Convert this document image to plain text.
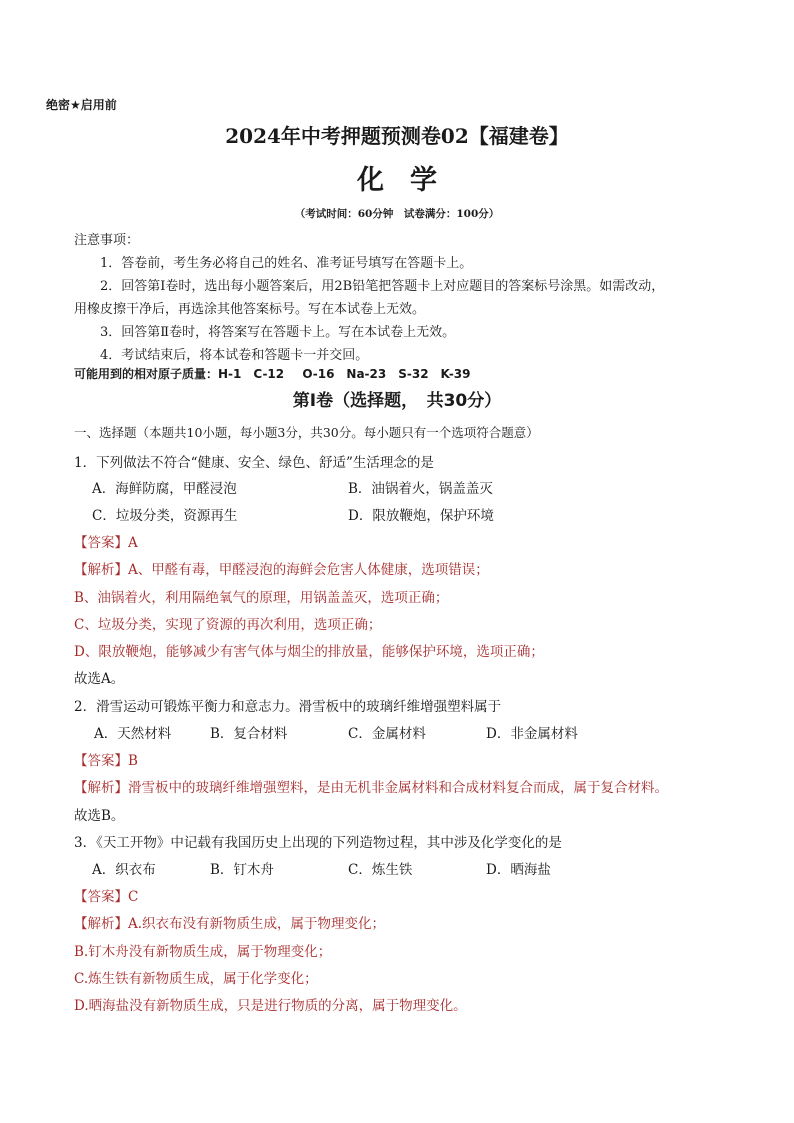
绝密★启用前
2024年中考押题预测卷02【福建卷】
化学
（考试时间：60分钟　试卷满分：100分）
注意事项：
1．答卷前，考生务必将自己的姓名、准考证号填写在答题卡上。
2．回答第Ⅰ卷时，选出每小题答案后，用2B铅笔把答题卡上对应题目的答案标号涂黑。如需改动，
用橡皮擦干净后，再选涂其他答案标号。写在本试卷上无效。
3．回答第Ⅱ卷时，将答案写在答题卡上。写在本试卷上无效。
4．考试结束后，将本试卷和答题卡一并交回。
可能用到的相对原子质量：H-1　C-12　 O-16　Na-23　S-32　K-39
第Ⅰ卷（选择题，　共30分）
一、选择题（本题共10小题，每小题3分，共30分。每小题只有一个选项符合题意）
1．下列做法不符合“健康、安全、绿色、舒适”生活理念的是
A．海鲜防腐，甲醛浸泡	B．油锅着火，锅盖盖灭
C．垃圾分类，资源再生	D．限放鞭炮，保护环境
【答案】A
【解析】A、甲醛有毒，甲醛浸泡的海鲜会危害人体健康，选项错误；
B、油锅着火，利用隔绝氧气的原理，用锅盖盖灭，选项正确；
C、垃圾分类，实现了资源的再次利用，选项正确；
D、限放鞭炮，能够减少有害气体与烟尘的排放量，能够保护环境，选项正确；
故选A。
2．滑雪运动可锻炼平衡力和意志力。滑雪板中的玻璃纤维增强塑料属于
A．天然材料	B．复合材料	C．金属材料	D．非金属材料
【答案】B
【解析】滑雪板中的玻璃纤维增强塑料，是由无机非金属材料和合成材料复合而成，属于复合材料。
故选B。
3．《天工开物》中记载有我国历史上出现的下列造物过程，其中涉及化学变化的是
A．织衣布	B．钉木舟	C．炼生铁	D．晒海盐
【答案】C
【解析】A.织衣布没有新物质生成，属于物理变化；
B.钉木舟没有新物质生成，属于物理变化；
C.炼生铁有新物质生成，属于化学变化；
D.晒海盐没有新物质生成，只是进行物质的分离，属于物理变化。
